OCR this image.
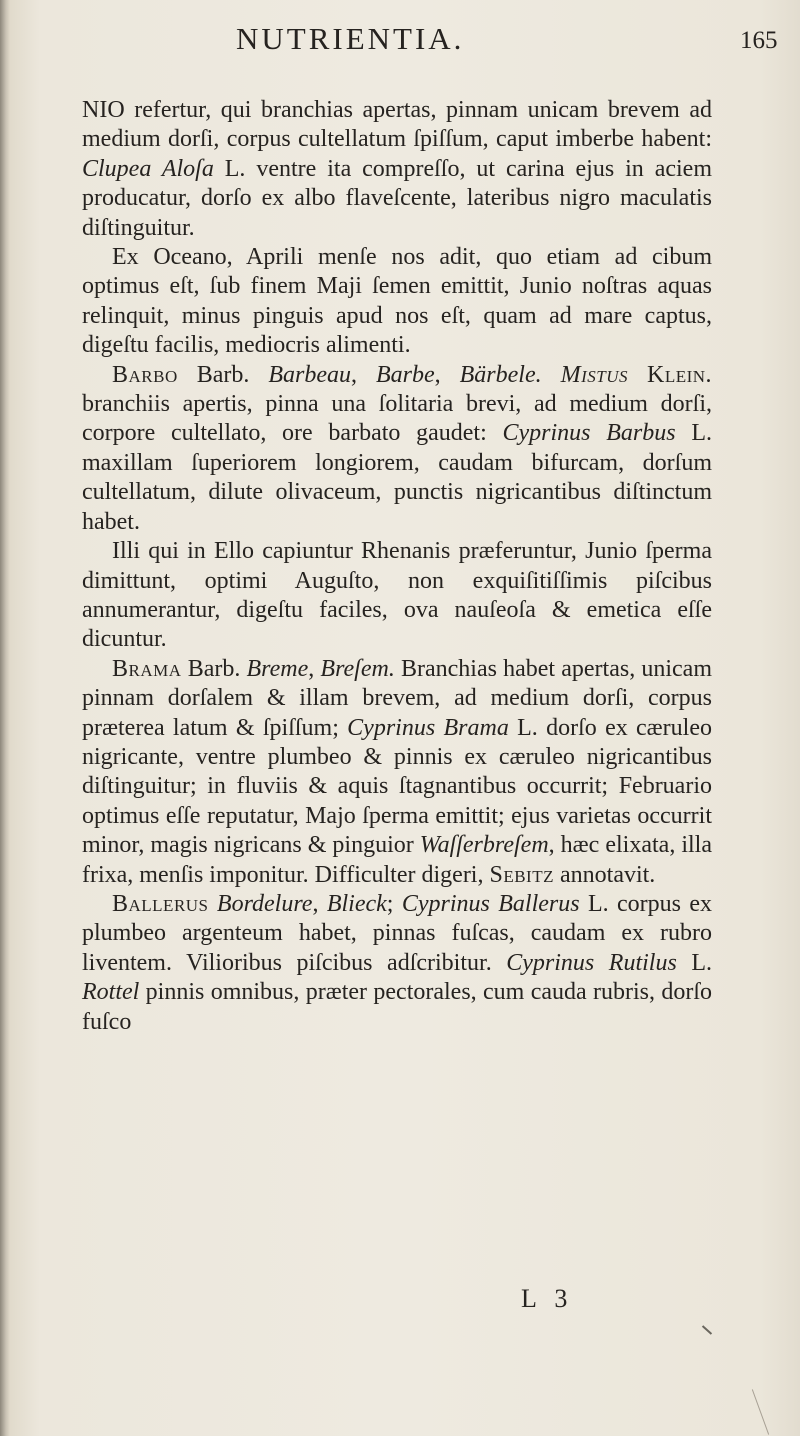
NUTRIENTIA.	165

NIO refertur, qui branchias apertas, pinnam unicam brevem ad medium dorſi, corpus cultellatum ſpiſſum, caput imberbe habent: Clupea Aloſa L. ventre ita compreſſo, ut carina ejus in aciem producatur, dorſo ex albo flaveſcente, lateribus nigro maculatis diſtinguitur.

Ex Oceano, Aprili menſe nos adit, quo etiam ad cibum optimus eſt, ſub finem Maji ſemen emittit, Junio noſtras aquas relinquit, minus pinguis apud nos eſt, quam ad mare captus, digeſtu facilis, mediocris alimenti.

Barbo Barb. Barbeau, Barbe, Bärbele. Mistus Klein. branchiis apertis, pinna una ſolitaria brevi, ad medium dorſi, corpore cultellato, ore barbato gaudet: Cyprinus Barbus L. maxillam ſuperiorem longiorem, caudam bifurcam, dorſum cultellatum, dilute olivaceum, punctis nigricantibus diſtinctum habet.

Illi qui in Ello capiuntur Rhenanis præferuntur, Junio ſperma dimittunt, optimi Auguſto, non exquiſitiſſimis piſcibus annumerantur, digeſtu faciles, ova nauſeoſa & emetica eſſe dicuntur.

Brama Barb. Breme, Breſem. Branchias habet apertas, unicam pinnam dorſalem & illam brevem, ad medium dorſi, corpus præterea latum & ſpiſſum; Cyprinus Brama L. dorſo ex cæruleo nigricante, ventre plumbeo & pinnis ex cæruleo nigricantibus diſtinguitur; in fluviis & aquis ſtagnantibus occurrit; Februario optimus eſſe reputatur, Majo ſperma emittit; ejus varietas occurrit minor, magis nigricans & pinguior Waſſerbreſem, hæc elixata, illa frixa, menſis imponitur. Difficulter digeri, Sebitz annotavit.

Ballerus Bordelure, Blieck; Cyprinus Ballerus L. corpus ex plumbeo argenteum habet, pinnas fuſcas, caudam ex rubro liventem. Vilioribus piſcibus adſcribitur. Cyprinus Rutilus L. Rottel pinnis omnibus, præter pectorales, cum cauda rubris, dorſo fuſco

L 3
